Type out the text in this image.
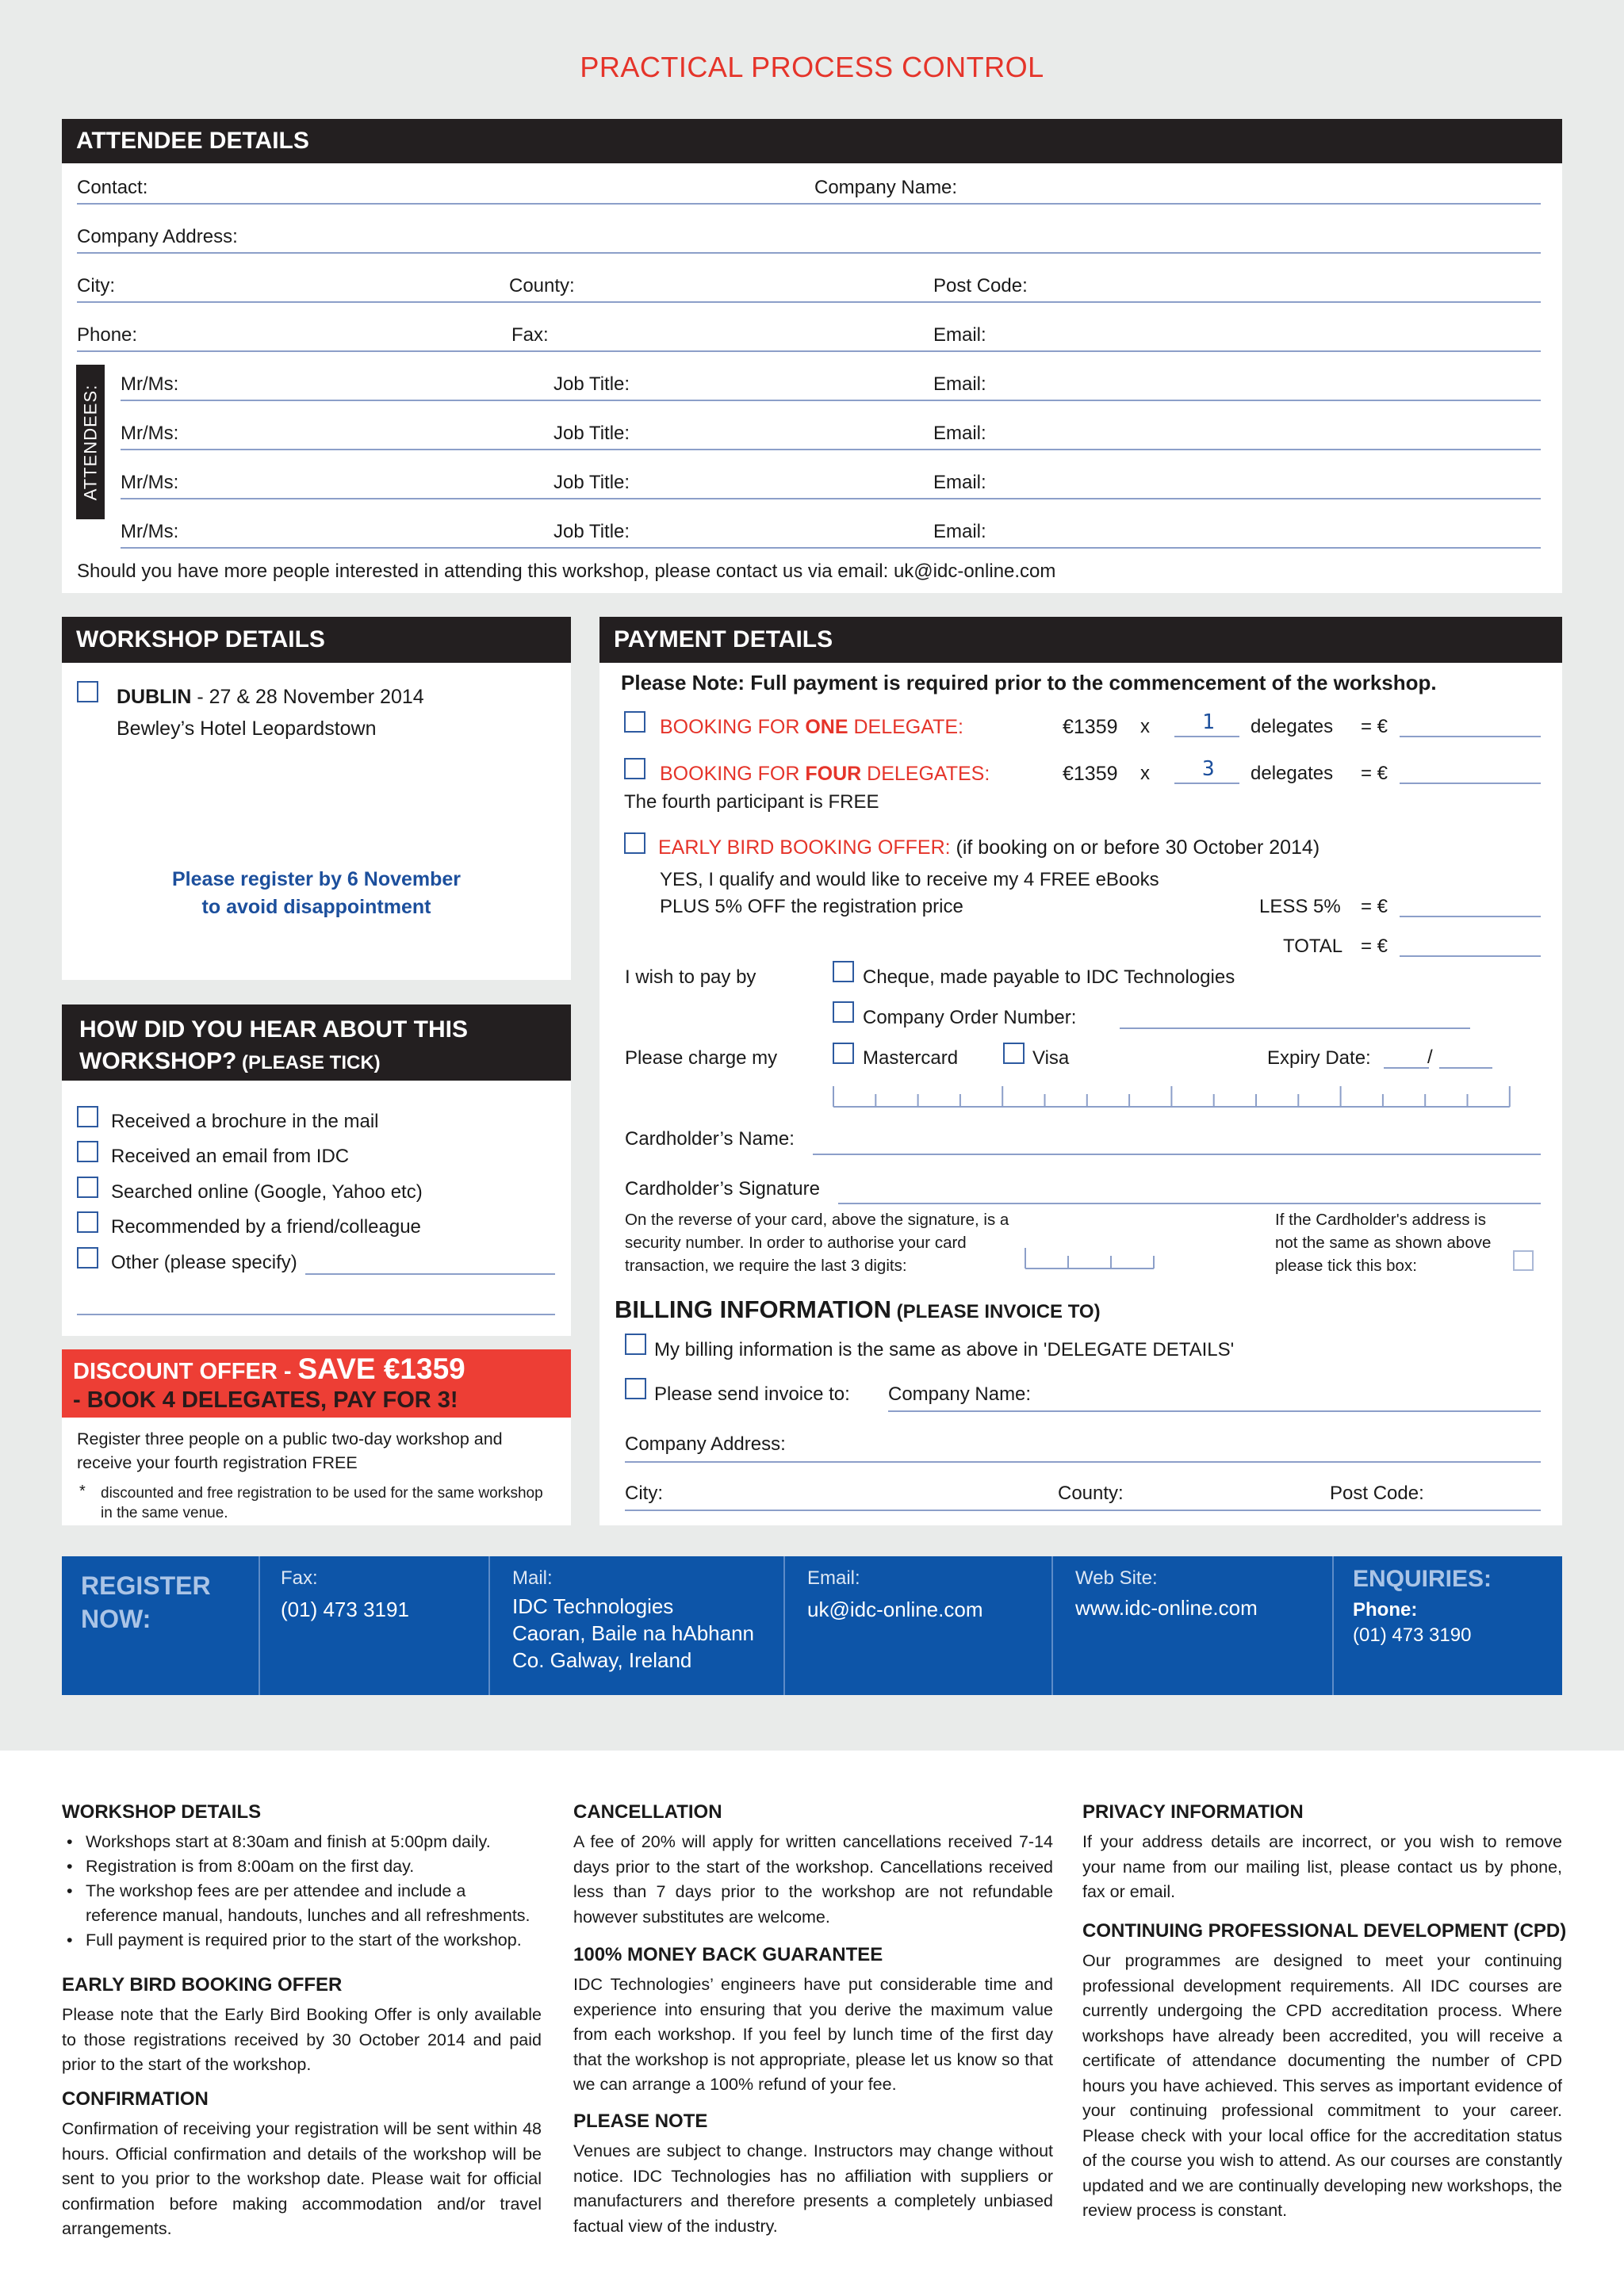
PRACTICAL PROCESS CONTROL
ATTENDEE DETAILS
Contact:	Company Name:
Company Address:
City:	County:	Post Code:
Phone:	Fax:	Email:
ATTENDEES: Mr/Ms:	Job Title:	Email:
Mr/Ms:	Job Title:	Email:
Mr/Ms:	Job Title:	Email:
Mr/Ms:	Job Title:	Email:
Should you have more people interested in attending this workshop, please contact us via email: uk@idc-online.com
WORKSHOP DETAILS
DUBLIN - 27 & 28 November 2014
Bewley’s Hotel Leopardstown
Please register by 6 November
to avoid disappointment
HOW DID YOU HEAR ABOUT THIS
WORKSHOP? (PLEASE TICK)
Received a brochure in the mail
Received an email from IDC
Searched online (Google, Yahoo etc)
Recommended by a friend/colleague
Other (please specify)
DISCOUNT OFFER - SAVE €1359
- BOOK 4 DELEGATES, PAY FOR 3!
Register three people on a public two-day workshop and receive your fourth registration FREE
* discounted and free registration to be used for the same workshop in the same venue.
PAYMENT DETAILS
Please Note: Full payment is required prior to the commencement of the workshop.
BOOKING FOR ONE DELEGATE:	€1359 x	1 delegates = €
BOOKING FOR FOUR DELEGATES:	€1359 x	3 delegates = €
The fourth participant is FREE
EARLY BIRD BOOKING OFFER: (if booking on or before 30 October 2014)
YES, I qualify and would like to receive my 4 FREE eBooks
PLUS 5% OFF the registration price	LESS 5% = €
TOTAL = €
I wish to pay by	Cheque, made payable to IDC Technologies
Company Order Number:
Please charge my	Mastercard	Visa	Expiry Date:	/
Cardholder’s Name:
Cardholder’s Signature
On the reverse of your card, above the signature, is a security number. In order to authorise your card transaction, we require the last 3 digits:
If the Cardholder's address is not the same as shown above please tick this box:
BILLING INFORMATION (PLEASE INVOICE TO)
My billing information is the same as above in 'DELEGATE DETAILS'
Please send invoice to: Company Name:
Company Address:
City:	County:	Post Code:
REGISTER
NOW:
Fax:
(01) 473 3191
Mail:
IDC Technologies
Caoran, Baile na hAbhann
Co. Galway, Ireland
Email:
uk@idc-online.com
Web Site:
www.idc-online.com
ENQUIRIES:
Phone:
(01) 473 3190
WORKSHOP DETAILS
• Workshops start at 8:30am and finish at 5:00pm daily.
• Registration is from 8:00am on the first day.
• The workshop fees are per attendee and include a reference manual, handouts, lunches and all refreshments.
• Full payment is required prior to the start of the workshop.
EARLY BIRD BOOKING OFFER
Please note that the Early Bird Booking Offer is only available to those registrations received by 30 October 2014 and paid prior to the start of the workshop.
CONFIRMATION
Confirmation of receiving your registration will be sent within 48 hours. Official confirmation and details of the workshop will be sent to you prior to the workshop date. Please wait for official confirmation before making accommodation and/or travel arrangements.
CANCELLATION
A fee of 20% will apply for written cancellations received 7-14 days prior to the start of the workshop. Cancellations received less than 7 days prior to the workshop are not refundable however substitutes are welcome.
100% MONEY BACK GUARANTEE
IDC Technologies’ engineers have put considerable time and experience into ensuring that you derive the maximum value from each workshop. If you feel by lunch time of the first day that the workshop is not appropriate, please let us know so that we can arrange a 100% refund of your fee.
PLEASE NOTE
Venues are subject to change. Instructors may change without notice. IDC Technologies has no affiliation with suppliers or manufacturers and therefore presents a completely unbiased factual view of the industry.
PRIVACY INFORMATION
If your address details are incorrect, or you wish to remove your name from our mailing list, please contact us by phone, fax or email.
CONTINUING PROFESSIONAL DEVELOPMENT (CPD)
Our programmes are designed to meet your continuing professional development requirements. All IDC courses are currently undergoing the CPD accreditation process. Where workshops have already been accredited, you will receive a certificate of attendance documenting the number of CPD hours you have achieved. This serves as important evidence of your continuing professional commitment to your career. Please check with your local office for the accreditation status of the course you wish to attend. As our courses are constantly updated and we are continually developing new workshops, the review process is constant.
